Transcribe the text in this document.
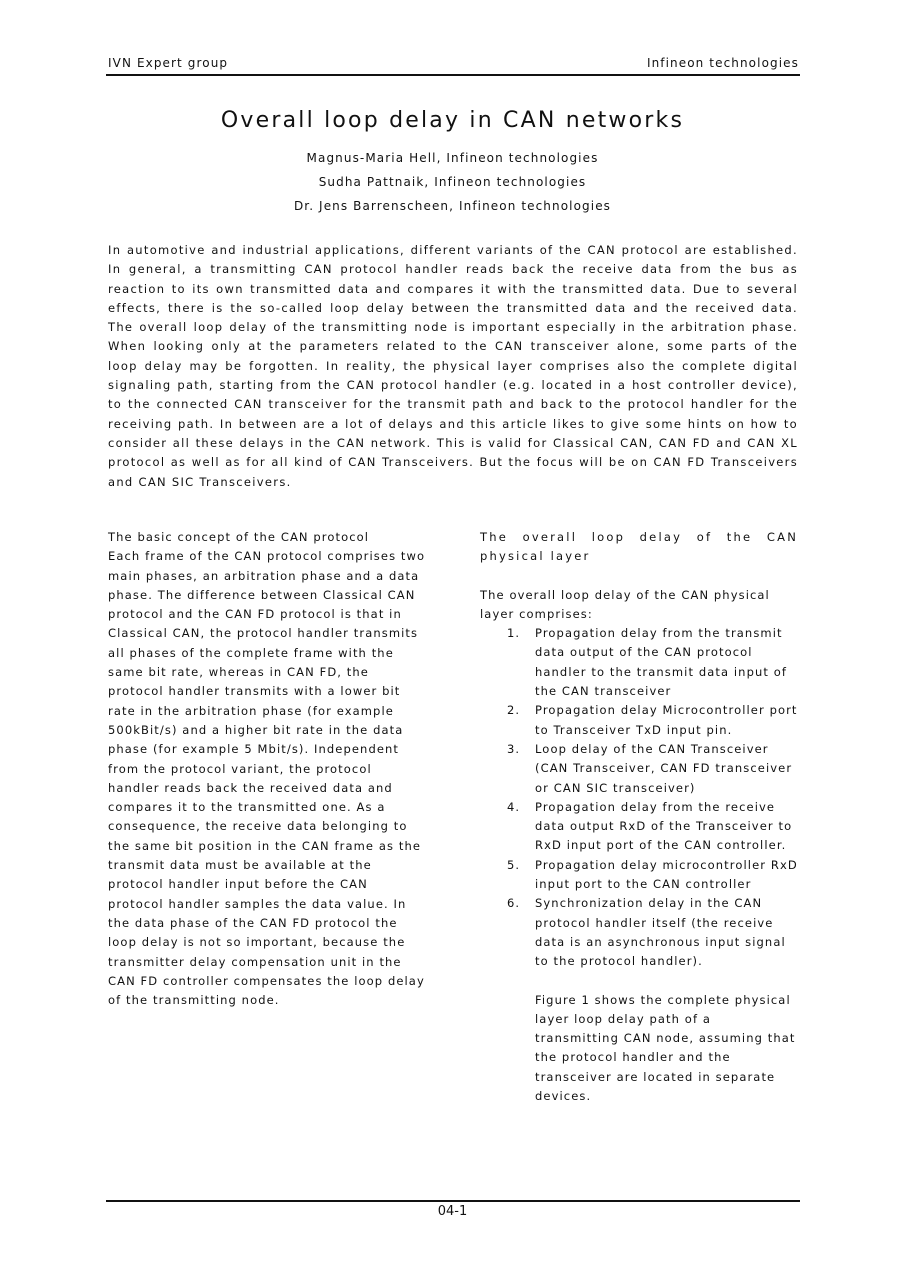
IVN Expert group	Infineon technologies
Overall loop delay in CAN networks
Magnus-Maria Hell, Infineon technologies
Sudha Pattnaik, Infineon technologies
Dr. Jens Barrenscheen, Infineon technologies

In automotive and industrial applications, different variants of the CAN protocol are established. In general, a transmitting CAN protocol handler reads back the receive data from the bus as reaction to its own transmitted data and compares it with the transmitted data. Due to several effects, there is the so-called loop delay between the transmitted data and the received data. The overall loop delay of the transmitting node is important especially in the arbitration phase. When looking only at the parameters related to the CAN transceiver alone, some parts of the loop delay may be forgotten. In reality, the physical layer comprises also the complete digital signaling path, starting from the CAN protocol handler (e.g. located in a host controller device), to the connected CAN transceiver for the transmit path and back to the protocol handler for the receiving path. In between are a lot of delays and this article likes to give some hints on how to consider all these delays in the CAN network. This is valid for Classical CAN, CAN FD and CAN XL protocol as well as for all kind of CAN Transceivers. But the focus will be on CAN FD Transceivers and CAN SIC Transceivers.

The basic concept of the CAN protocol

Each frame of the CAN protocol comprises two main phases, an arbitration phase and a data phase. The difference between Classical CAN protocol and the CAN FD protocol is that in Classical CAN, the protocol handler transmits all phases of the complete frame with the same bit rate, whereas in CAN FD, the protocol handler transmits with a lower bit rate in the arbitration phase (for example 500kBit/s) and a higher bit rate in the data phase (for example 5 Mbit/s). Independent from the protocol variant, the protocol handler reads back the received data and compares it to the transmitted one. As a consequence, the receive data belonging to the same bit position in the CAN frame as the transmit data must be available at the protocol handler input before the CAN protocol handler samples the data value. In the data phase of the CAN FD protocol the loop delay is not so important, because the transmitter delay compensation unit in the CAN FD controller compensates the loop delay of the transmitting node.

The overall loop delay of the CAN physical layer

The overall loop delay of the CAN physical layer comprises:

1. Propagation delay from the transmit data output of the CAN protocol handler to the transmit data input of the CAN transceiver
2. Propagation delay Microcontroller port to Transceiver TxD input pin.
3. Loop delay of the CAN Transceiver (CAN Transceiver, CAN FD transceiver or CAN SIC transceiver)
4. Propagation delay from the receive data output RxD of the Transceiver to RxD input port of the CAN controller.
5. Propagation delay microcontroller RxD input port to the CAN controller
6. Synchronization delay in the CAN protocol handler itself (the receive data is an asynchronous input signal to the protocol handler).

Figure 1 shows the complete physical layer loop delay path of a transmitting CAN node, assuming that the protocol handler and the transceiver are located in separate devices.

04-1
